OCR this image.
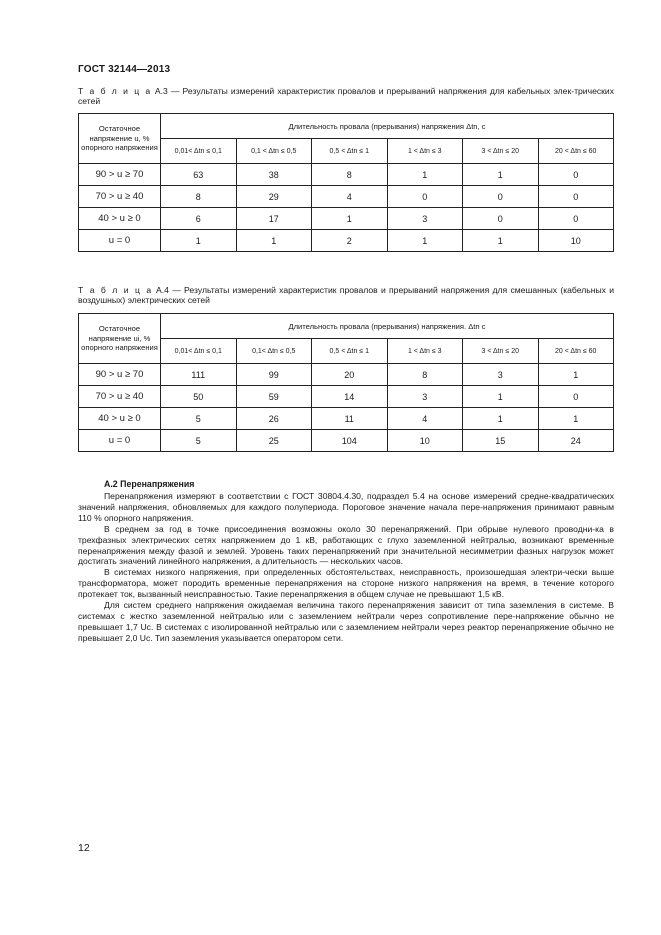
ГОСТ 32144—2013
Т а б л и ц а А.3 — Результаты измерений характеристик провалов и прерываний напряжения для кабельных элек-трических сетей
Остаточное напряжение u, % опорного напряжения	Длительность провала (прерывания) напряжения Δtn, с					
	0,01< Δtn ≤ 0,1	0,1 < Δtn ≤ 0,5	0,5 < Δtn ≤ 1	1 < Δtn ≤ 3	3 < Δtn ≤ 20	20 < Δtn ≤ 60
90 > u ≥ 70	63	38	8	1	1	0
70 > u ≥ 40	8	29	4	0	0	0
40 > u ≥ 0	6	17	1	3	0	0
u = 0	1	1	2	1	1	10
Т а б л и ц а А.4 — Результаты измерений характеристик провалов и прерываний напряжения для смешанных (кабельных и воздушных) электрических сетей
Остаточное напряжение ui, % опорного напряжения	Длительность провала (прерывания) напряжения. Δtn с					
	0,01< Δtn ≤ 0,1	0,1< Δtn ≤ 0,5	0,5 < Δtn ≤ 1	1 < Δtn ≤ 3	3 < Δtn ≤ 20	20 < Δtn ≤ 60
90 > u ≥ 70	111	99	20	8	3	1
70 > u ≥ 40	50	59	14	3	1	0
40 > u ≥ 0	5	26	11	4	1	1
u = 0	5	25	104	10	15	24
А.2 Перенапряжения

Перенапряжения измеряют в соответствии с ГОСТ 30804.4.30, подраздел 5.4 на основе измерений средне-квадратических значений напряжения, обновляемых для каждого полупериода. Пороговое значение начала пере-напряжения принимают равным 110 % опорного напряжения.

В среднем за год в точке присоединения возможны около 30 перенапряжений. При обрыве нулевого проводни-ка в трехфазных электрических сетях напряжением до 1 кВ, работающих с глухо заземленной нейтралью, возникают временные перенапряжения между фазой и землей. Уровень таких перенапряжений при значительной несимметрии фазных нагрузок может достигать значений линейного напряжения, а длительность — нескольких часов.

В системах низкого напряжения, при определенных обстоятельствах, неисправность, произошедшая электри-чески выше трансформатора, может породить временные перенапряжения на стороне низкого напряжения на время, в течение которого протекает ток, вызванный неисправностью. Такие перенапряжения в общем случае не превышают 1,5 кВ.

Для систем среднего напряжения ожидаемая величина такого перенапряжения зависит от типа заземления в системе. В системах с жестко заземленной нейтралью или с заземлением нейтрали через сопротивление пере-напряжение обычно не превышает 1,7 Uc. В системах с изолированной нейтралью или с заземлением нейтрали через реактор перенапряжение обычно не превышает 2,0 Uc. Тип заземления указывается оператором сети.

12
